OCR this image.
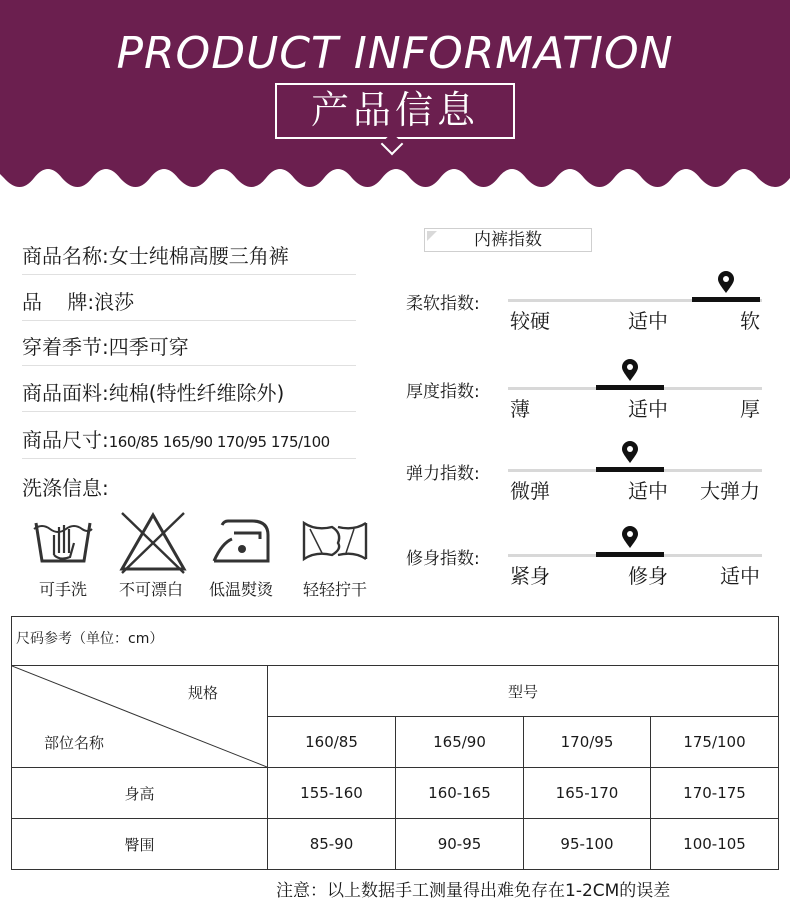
PRODUCT INFORMATION
产品信息
商品名称:女士纯棉高腰三角裤
品    牌:浪莎
穿着季节:四季可穿
商品面料:纯棉(特性纤维除外)
商品尺寸:160/85 165/90 170/95 175/100
洗涤信息:
可手洗	不可漂白	低温熨烫	轻轻拧干
内裤指数
柔软指数:
较硬	适中	软
厚度指数:
薄	适中	厚
弹力指数:
微弹	适中 大弹力
修身指数:
紧身	修身	适中
尺码参考（单位：cm）
规格
部位名称
型号
160/85	165/90	170/95	175/100
身高	155-160	160-165	165-170	170-175
臀围	85-90	90-95	95-100	100-105
注意：以上数据手工测量得出难免存在1-2CM的误差
